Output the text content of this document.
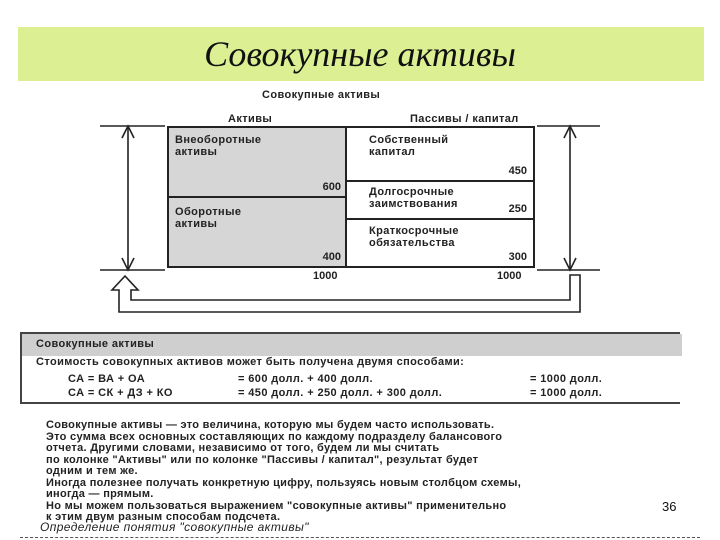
Совокупные активы
Совокупные активы
Активы	Пассивы / капитал
Внеоборотные
активы
600
Оборотные
активы
400
Собственный
капитал
450
Долгосрочные
заимствования	250
Краткосрочные
обязательства
300
1000	1000
Совокупные активы
Стоимость совокупных активов может быть получена двумя способами:
СА = ВА + ОА	= 600 долл. + 400 долл.	= 1000 долл.
СА = СК + ДЗ + КО	= 450 долл. + 250 долл. + 300 долл.	= 1000 долл.
Совокупные активы — это величина, которую мы будем часто использовать.
Это сумма всех основных составляющих по каждому подразделу балансового
отчета. Другими словами, независимо от того, будем ли мы считать
по колонке "Активы" или по колонке "Пассивы / капитал", результат будет
одним и тем же.
Иногда полезнее получать конкретную цифру, пользуясь новым столбцом схемы,
иногда — прямым.
Но мы можем пользоваться выражением "совокупные активы" применительно
к этим двум разным способам подсчета.
Определение понятия "совокупные активы"
36
